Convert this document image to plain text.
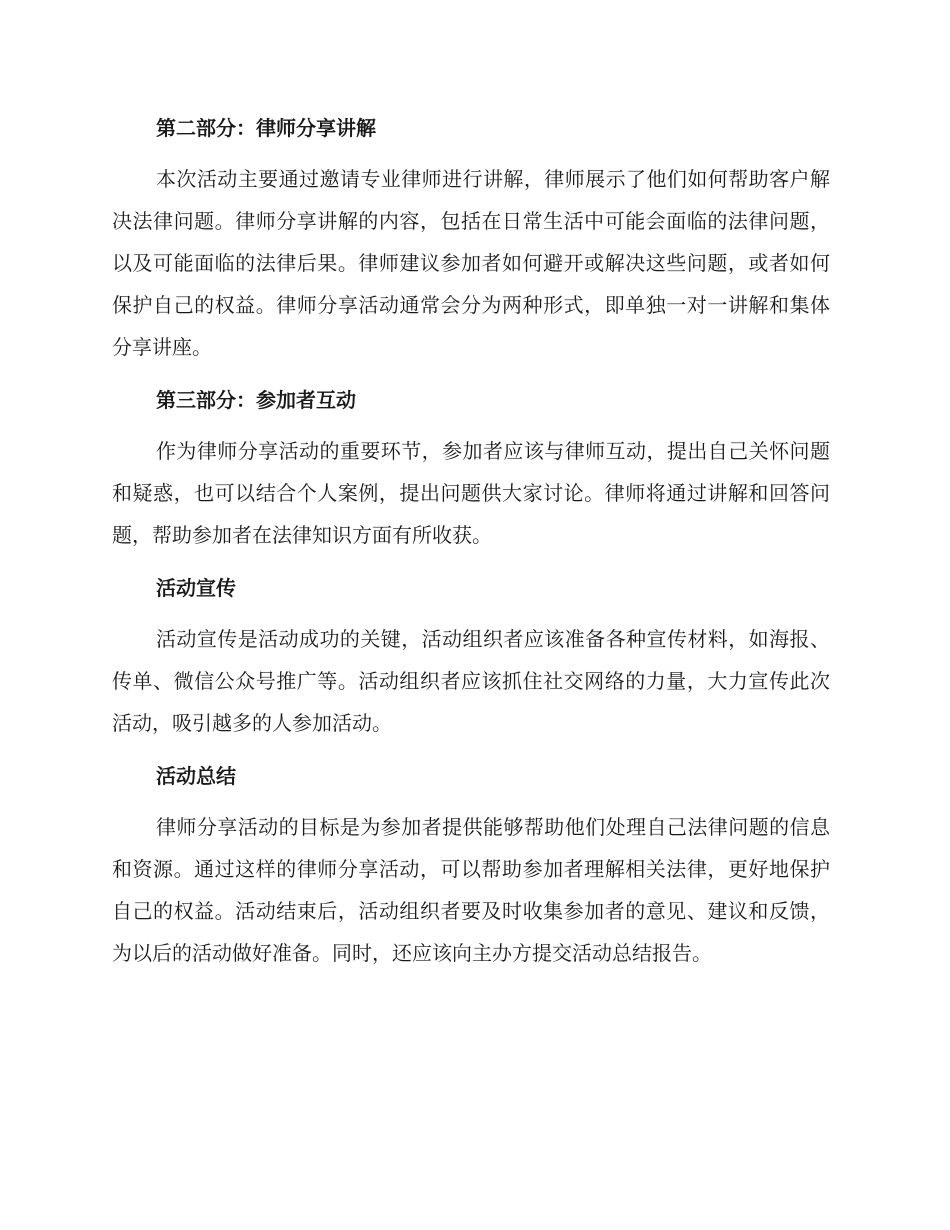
第二部分：律师分享讲解

本次活动主要通过邀请专业律师进行讲解，律师展示了他们如何帮助客户解决法律问题。律师分享讲解的内容，包括在日常生活中可能会面临的法律问题，以及可能面临的法律后果。律师建议参加者如何避开或解决这些问题，或者如何保护自己的权益。律师分享活动通常会分为两种形式，即单独一对一讲解和集体分享讲座。

第三部分：参加者互动

作为律师分享活动的重要环节，参加者应该与律师互动，提出自己关怀问题和疑惑，也可以结合个人案例，提出问题供大家讨论。律师将通过讲解和回答问题，帮助参加者在法律知识方面有所收获。

活动宣传

活动宣传是活动成功的关键，活动组织者应该准备各种宣传材料，如海报、传单、微信公众号推广等。活动组织者应该抓住社交网络的力量，大力宣传此次活动，吸引越多的人参加活动。

活动总结

律师分享活动的目标是为参加者提供能够帮助他们处理自己法律问题的信息和资源。通过这样的律师分享活动，可以帮助参加者理解相关法律，更好地保护自己的权益。活动结束后，活动组织者要及时收集参加者的意见、建议和反馈，为以后的活动做好准备。同时，还应该向主办方提交活动总结报告。
